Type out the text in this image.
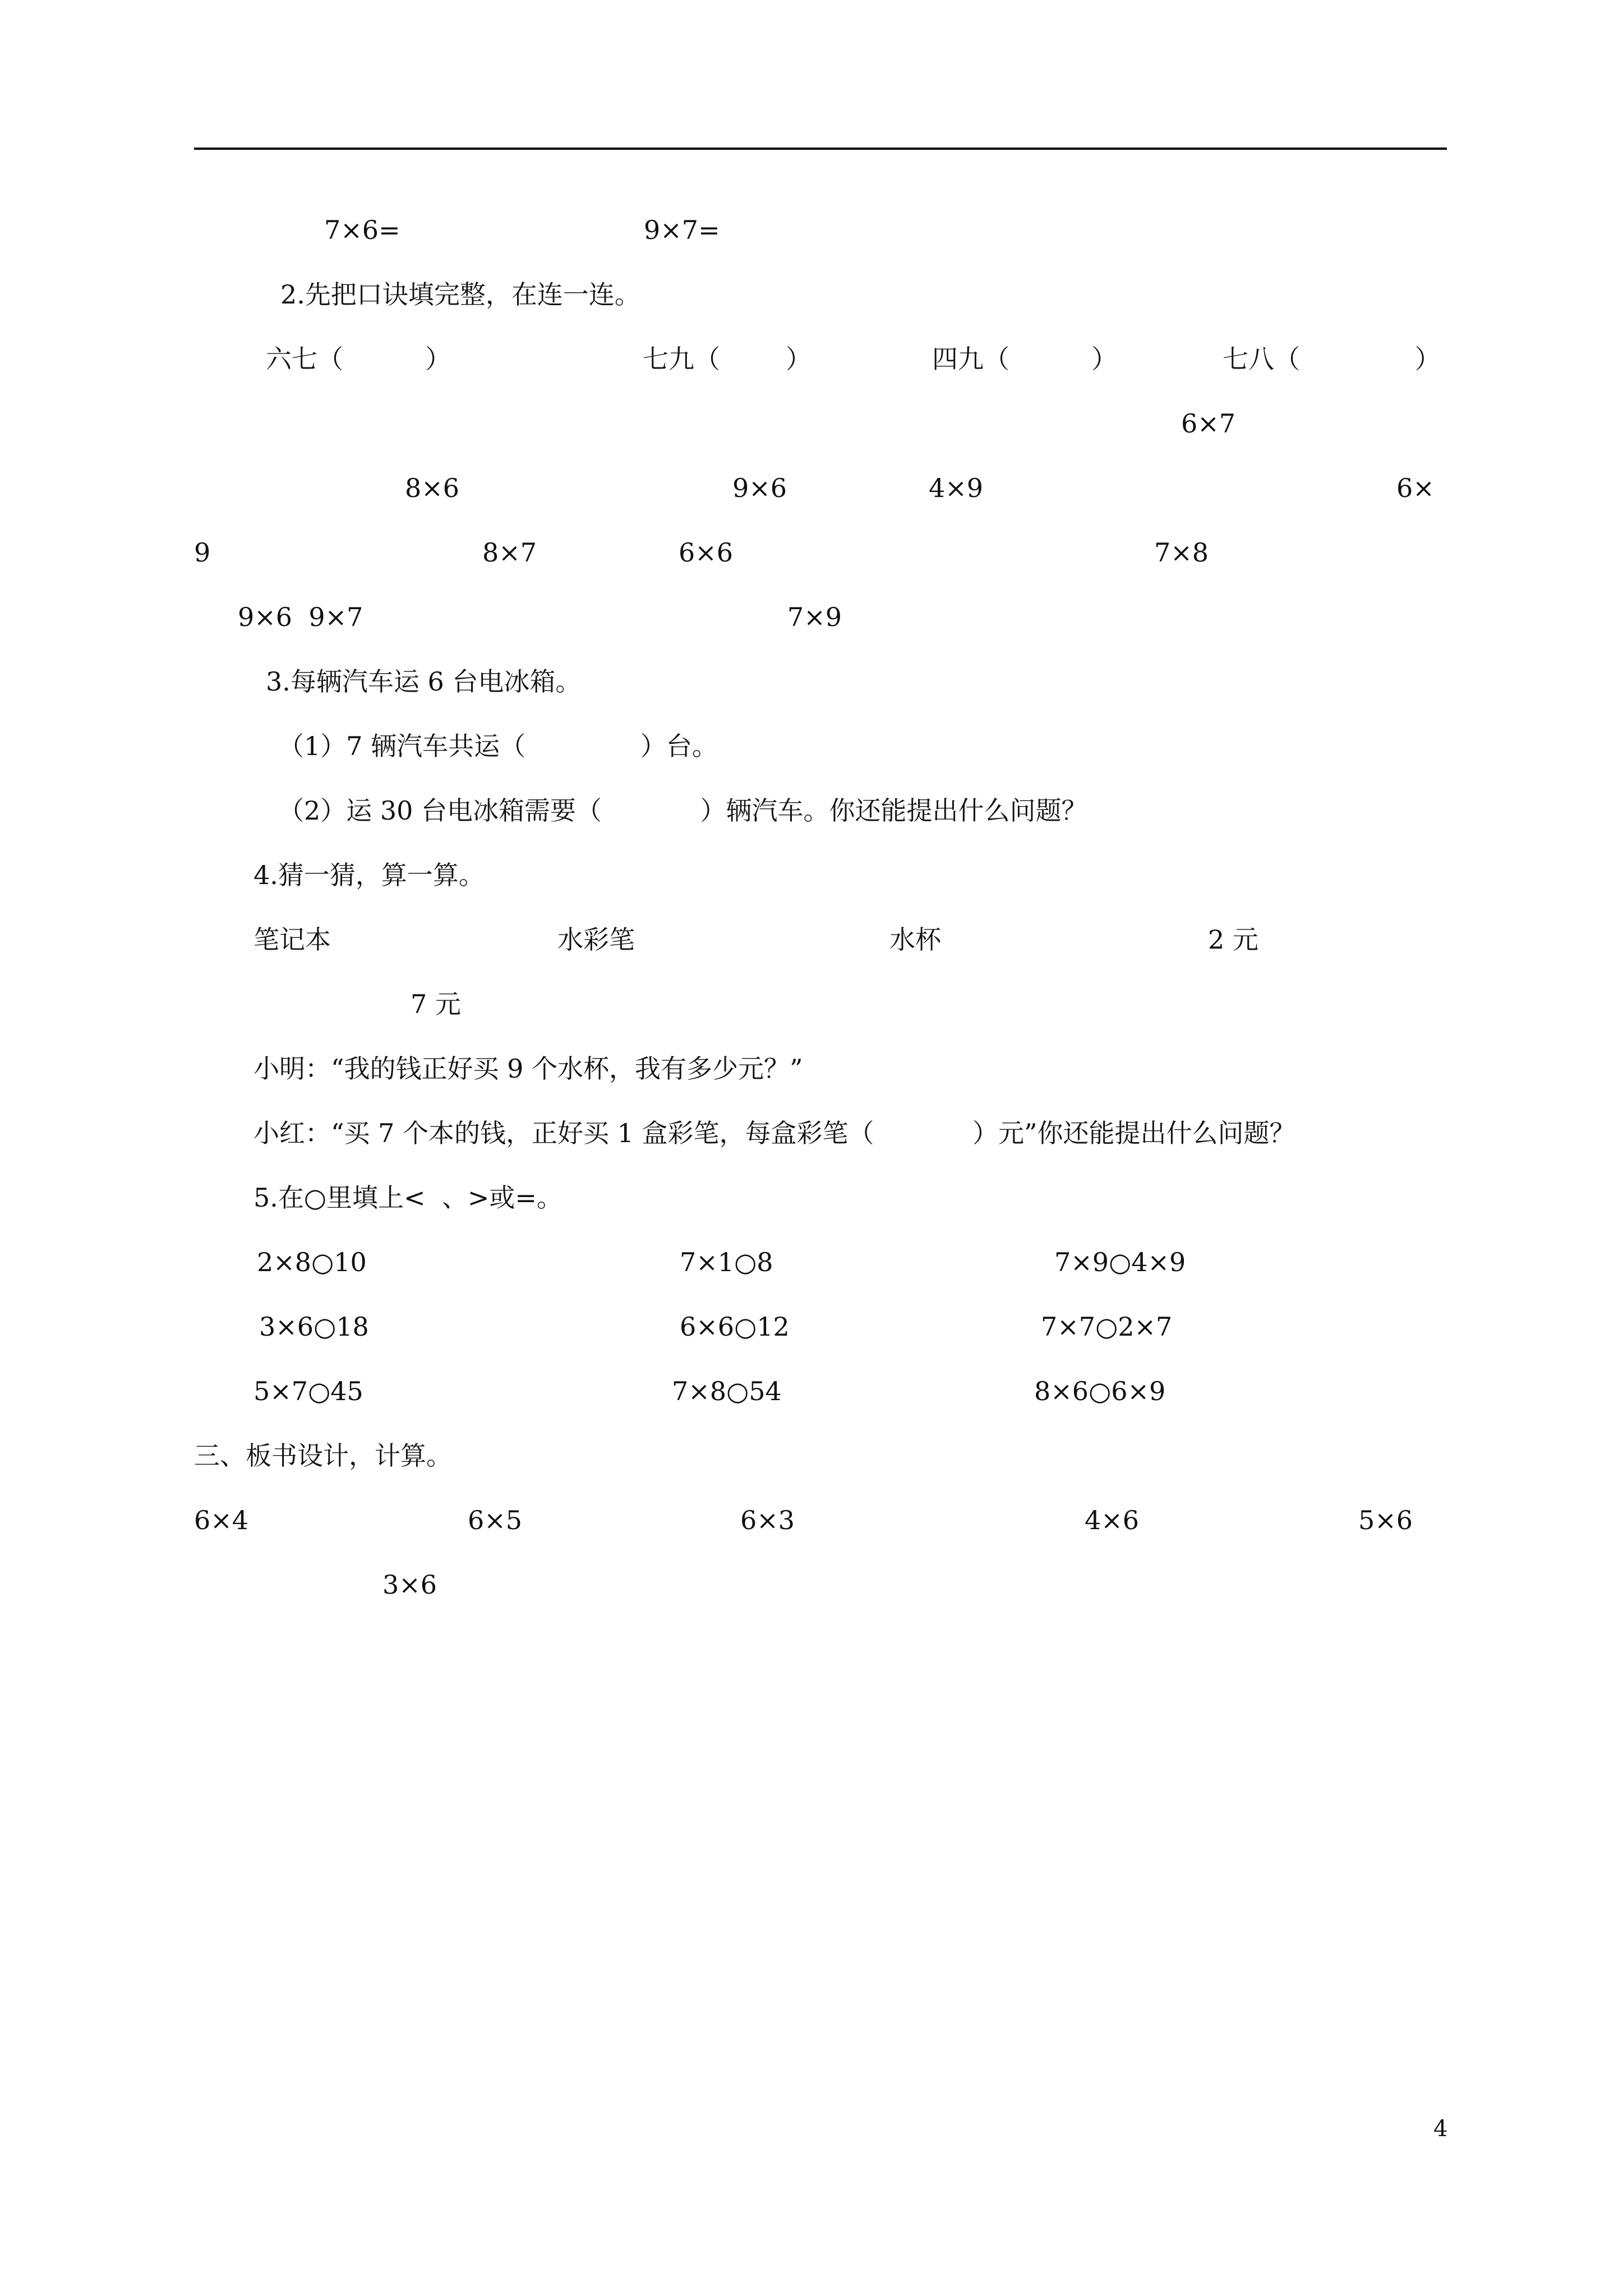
7×6=	9×7=
2.先把口诀填完整，在连一连。
六七（          ）	七九（        ）	四九（          ）	七八（              ）
6×7
8×6	9×6	4×9	6×
9	8×7	6×6	7×8
9×6  9×7	7×9
3.每辆汽车运 6 台电冰箱。
（1）7 辆汽车共运（              ）台。
（2）运 30 台电冰箱需要（            ）辆汽车。你还能提出什么问题？
4.猜一猜，算一算。
笔记本	水彩笔	水杯	2 元
7 元
小明：“我的钱正好买 9 个水杯，我有多少元？”
小红：“买 7 个本的钱，正好买 1 盒彩笔，每盒彩笔（            ）元”你还能提出什么问题？
5.在○里填上<  、>或=。
2×8○10	7×1○8	7×9○4×9
3×6○18	6×6○12	7×7○2×7
5×7○45	7×8○54	8×6○6×9
三、板书设计，计算。
6×4	6×5	6×3	4×6	5×6
3×6
4
